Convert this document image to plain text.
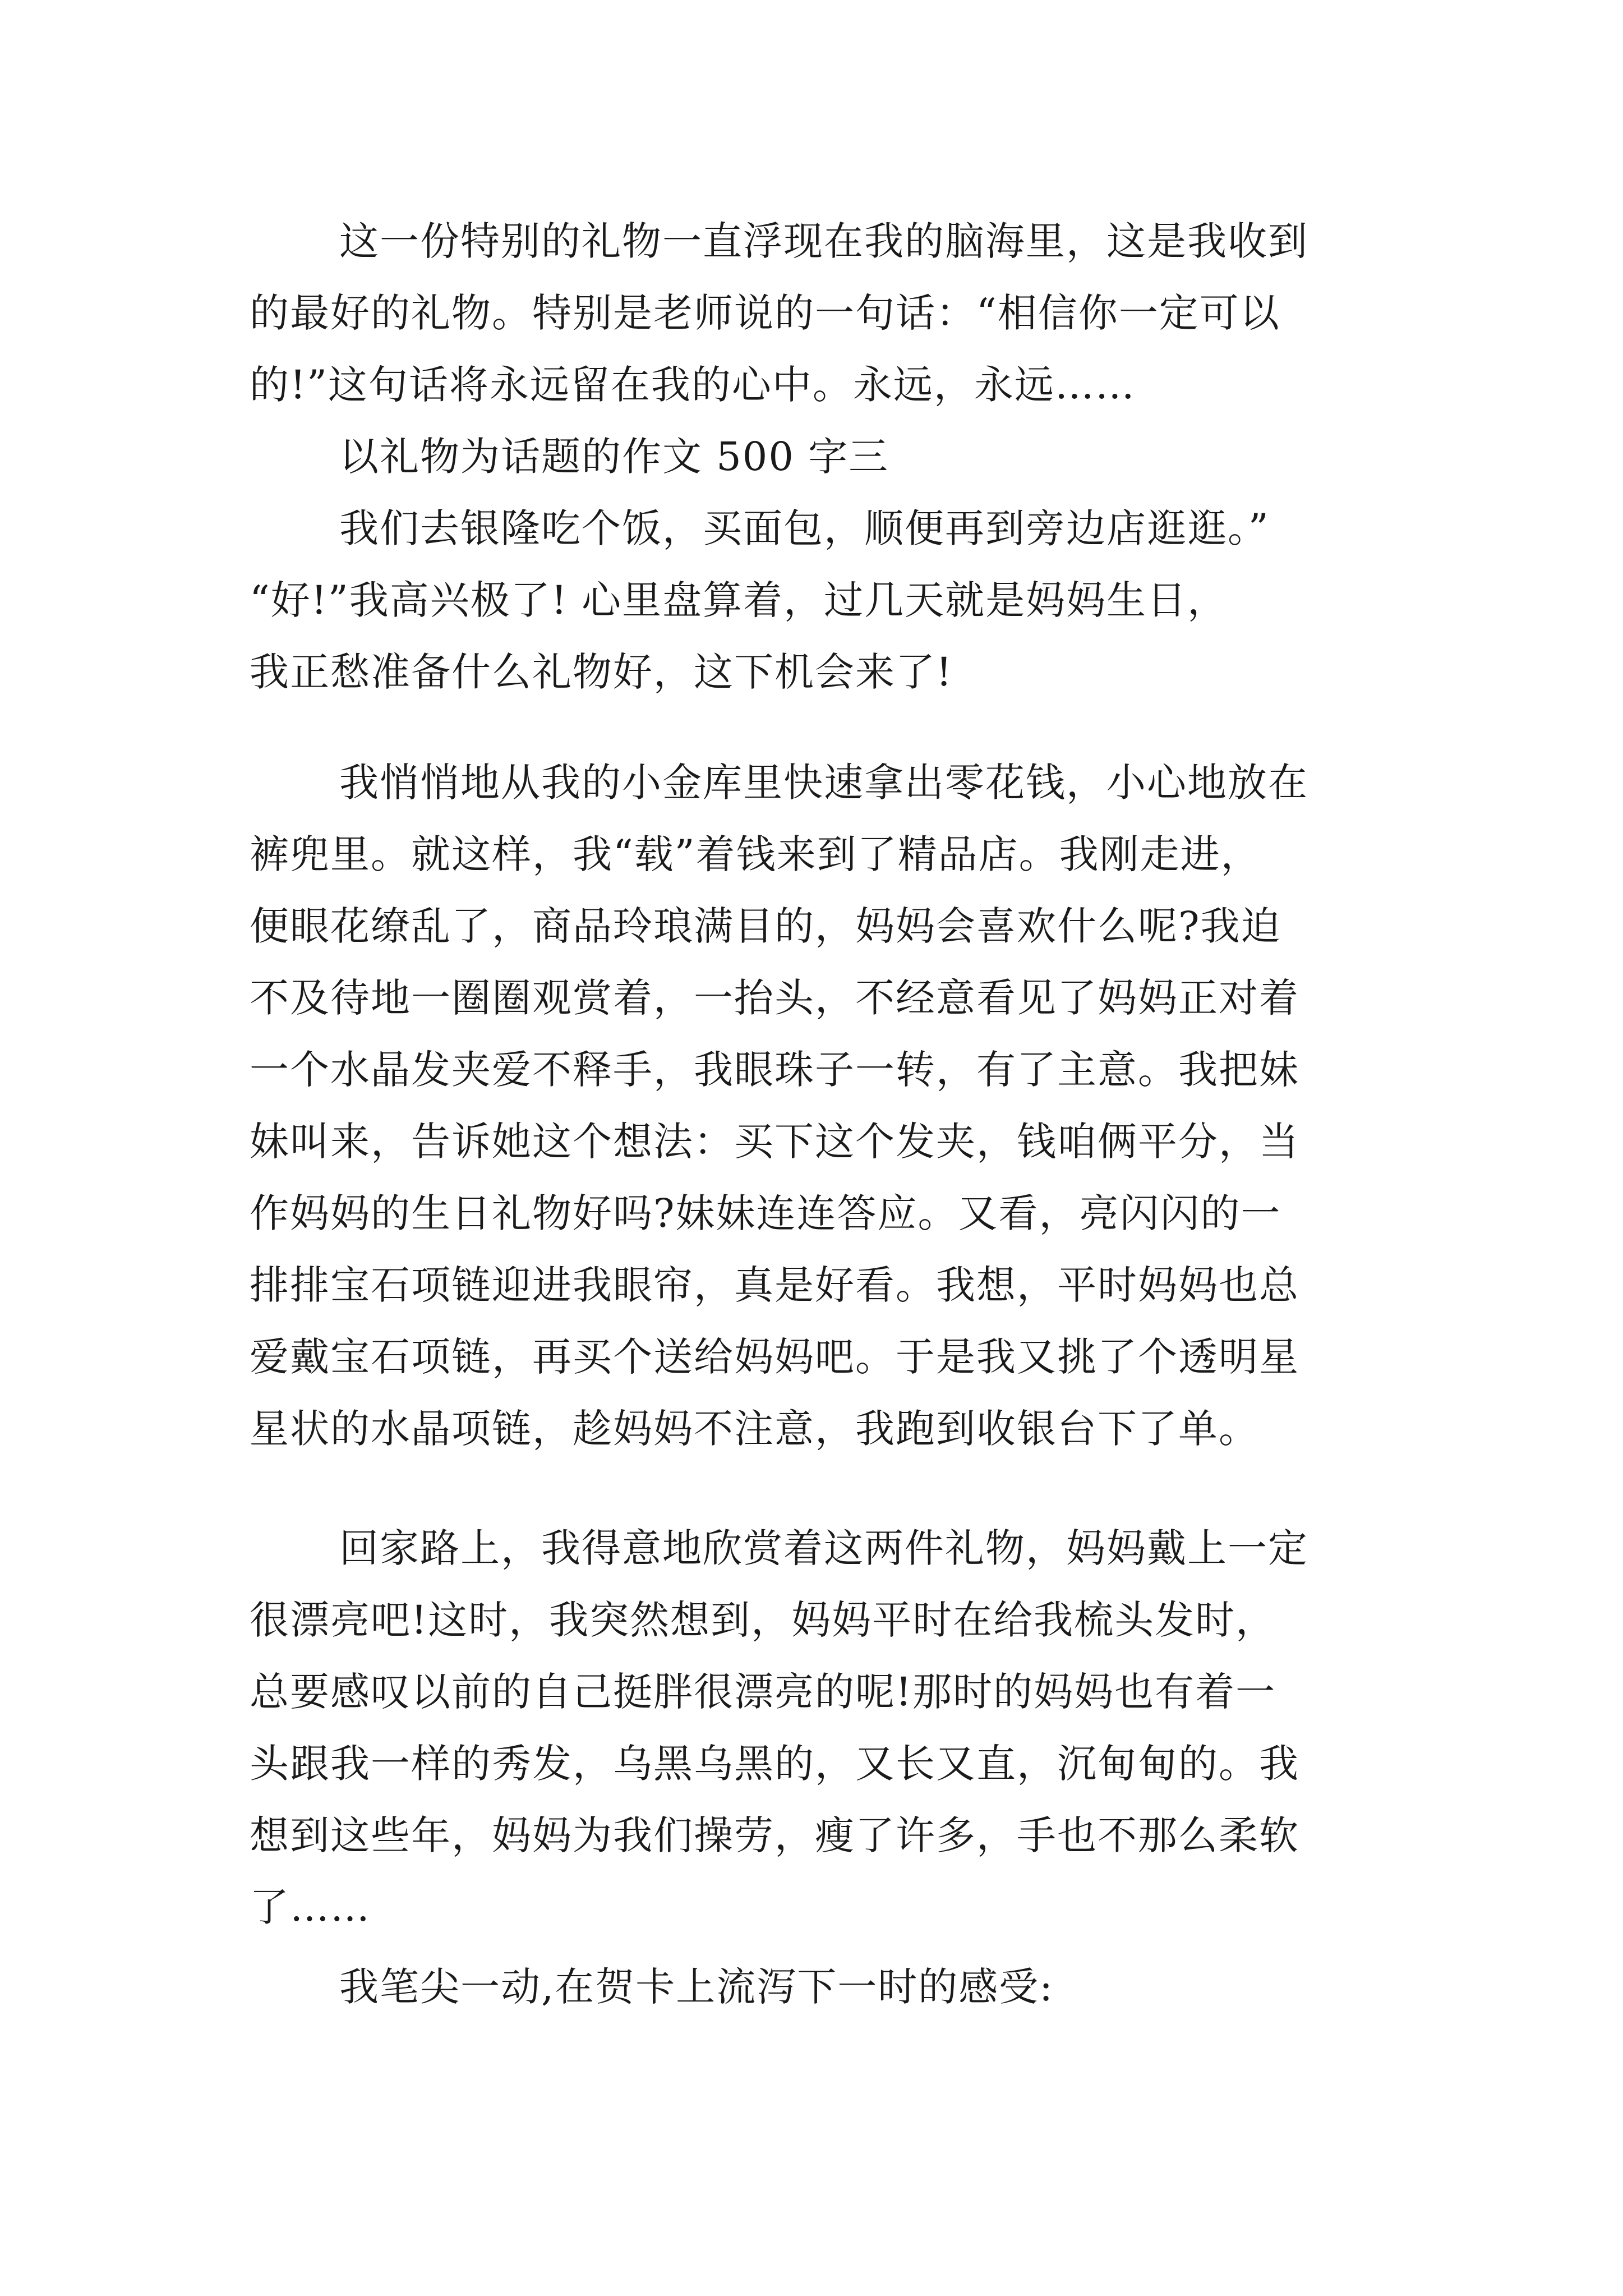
这一份特别的礼物一直浮现在我的脑海里，这是我收到
的最好的礼物。特别是老师说的一句话：“相信你一定可以
的!”这句话将永远留在我的心中。永远，永远……
以礼物为话题的作文 500 字三
我们去银隆吃个饭，买面包，顺便再到旁边店逛逛。”
“好!”我高兴极了! 心里盘算着，过几天就是妈妈生日，
我正愁准备什么礼物好，这下机会来了!
我悄悄地从我的小金库里快速拿出零花钱，小心地放在
裤兜里。就这样，我“载”着钱来到了精品店。我刚走进，
便眼花缭乱了，商品玲琅满目的，妈妈会喜欢什么呢?我迫
不及待地一圈圈观赏着，一抬头，不经意看见了妈妈正对着
一个水晶发夹爱不释手，我眼珠子一转，有了主意。我把妹
妹叫来，告诉她这个想法：买下这个发夹，钱咱俩平分，当
作妈妈的生日礼物好吗?妹妹连连答应。又看，亮闪闪的一
排排宝石项链迎进我眼帘，真是好看。我想，平时妈妈也总
爱戴宝石项链，再买个送给妈妈吧。于是我又挑了个透明星
星状的水晶项链，趁妈妈不注意，我跑到收银台下了单。
回家路上，我得意地欣赏着这两件礼物，妈妈戴上一定
很漂亮吧!这时，我突然想到，妈妈平时在给我梳头发时，
总要感叹以前的自己挺胖很漂亮的呢!那时的妈妈也有着一
头跟我一样的秀发，乌黑乌黑的，又长又直，沉甸甸的。我
想到这些年，妈妈为我们操劳，瘦了许多，手也不那么柔软
了……
我笔尖一动,在贺卡上流泻下一时的感受:
